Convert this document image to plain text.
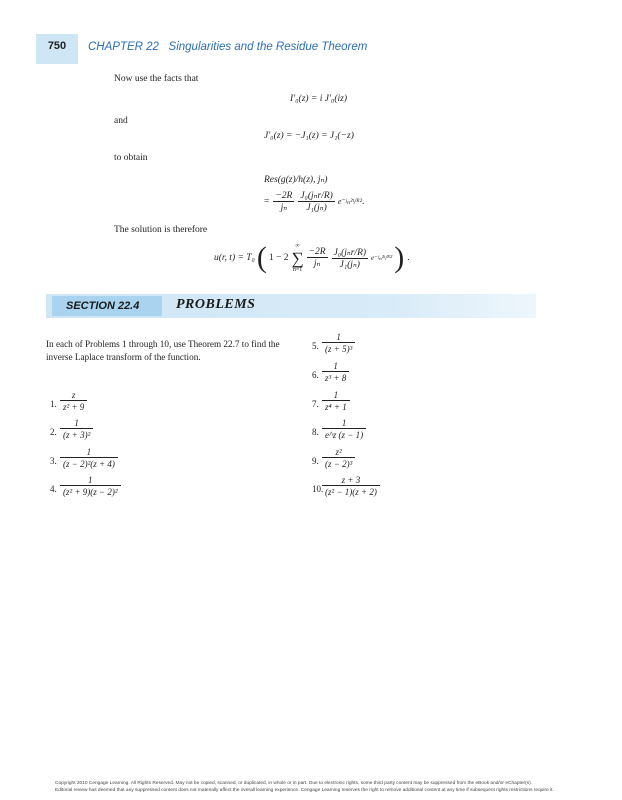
750	CHAPTER 22 Singularities and the Residue Theorem
Now use the facts that
I′₀(z) = i J′₀(iz)
and
J′₀(z) = −J₁(z) = J₁(−z)
to obtain
Res(g(z)/h(z), jₙ)
= $\frac{-2R}{\text{jₙ}} \frac{\text{J₀(jₙr/R)}}{\text{J₁(jₙ)}}$ e⁻ʲₙ²ᵗ/ᴿ² .
The solution is therefore
u(r, t) = T₀ ( 1 − 2
∞
∑
n=1
$\frac{-2R}{\text{jₙ}} \frac{\text{J₀(jₙr/R)}}{\text{J₁(jₙ)}}$ e⁻ʲₙ²ᵗ/ᴿ² ) .
SECTION 22.4	PROBLEMS
In each of Problems 1 through 10, use Theorem 22.7 to find the inverse Laplace transform of the function.
1. $\frac{z}{\text{z² + 9}}$
2. $\frac{1}{\text{(z + 3)²}}$
3. $\frac{1}{\text{(z − 2)²(z + 4)}}$
4. $\frac{1}{\text{(z² + 9)(z − 2)²}}$
5. $\frac{1}{\text{(z + 5)³}}$
6. $\frac{1}{\text{z³ + 8}}$
7. $\frac{1}{\text{z⁴ + 1}}$
8. $\frac{1}{e\^{}z (z - 1)}$
9. $\frac{\text{z²}}{\text{(z − 2)³}}$
10.
$\frac{z + 3}{\text{(z² − 1)(z + 2)}}$
Copyright 2010 Cengage Learning. All Rights Reserved. May not be copied, scanned, or duplicated, in whole or in part. Due to electronic rights, some third party content may be suppressed from the eBook and/or eChapter(s).
Editorial review has deemed that any suppressed content does not materially affect the overall learning experience. Cengage Learning reserves the right to remove additional content at any time if subsequent rights restrictions require it.
